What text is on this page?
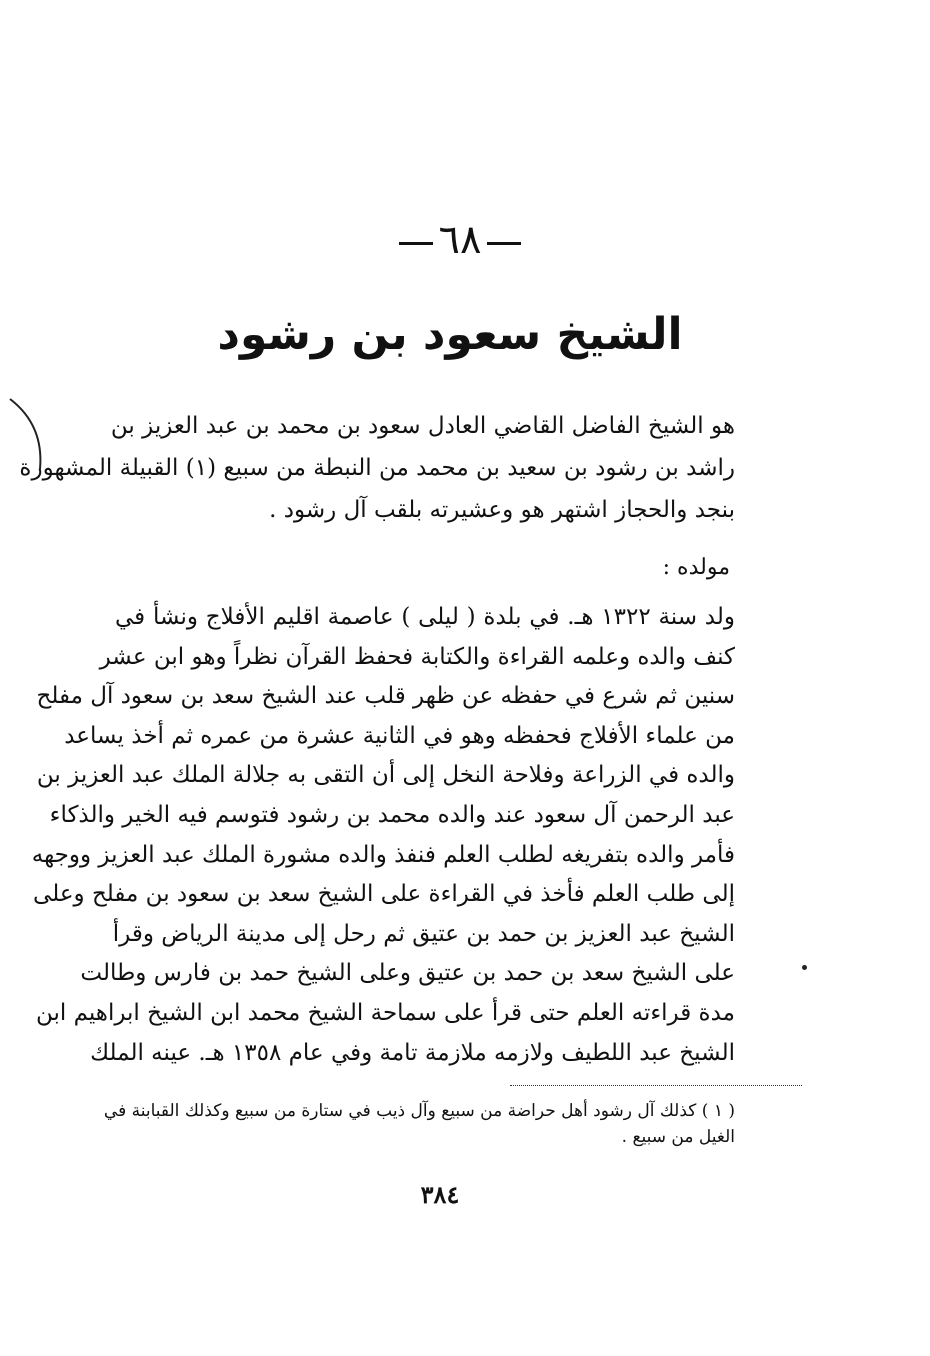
٦٨
الشيخ سعود بن رشود
هو الشيخ الفاضل القاضي العادل سعود بن محمد بن عبد العزيز بن
راشد بن رشود بن سعيد بن محمد من النبطة من سبيع (١) القبيلة المشهورة
بنجد والحجاز اشتهر هو وعشيرته بلقب آل رشود .
مولده :
ولد سنة ١٣٢٢ هـ. في بلدة ( ليلى ) عاصمة اقليم الأفلاج ونشأ في
كنف والده وعلمه القراءة والكتابة فحفظ القرآن نظراً وهو ابن عشر
سنين ثم شرع في حفظه عن ظهر قلب عند الشيخ سعد بن سعود آل مفلح
من علماء الأفلاج فحفظه وهو في الثانية عشرة من عمره ثم أخذ يساعد
والده في الزراعة وفلاحة النخل إلى أن التقى به جلالة الملك عبد العزيز بن
عبد الرحمن آل سعود عند والده محمد بن رشود فتوسم فيه الخير والذكاء
فأمر والده بتفريغه لطلب العلم فنفذ والده مشورة الملك عبد العزيز ووجهه
إلى طلب العلم فأخذ في القراءة على الشيخ سعد بن سعود بن مفلح وعلى
الشيخ عبد العزيز بن حمد بن عتيق ثم رحل إلى مدينة الرياض وقرأ
على الشيخ سعد بن حمد بن عتيق وعلى الشيخ حمد بن فارس وطالت
مدة قراءته العلم حتى قرأ على سماحة الشيخ محمد ابن الشيخ ابراهيم ابن
الشيخ عبد اللطيف ولازمه ملازمة تامة وفي عام ١٣٥٨ هـ. عينه الملك
( ١ ) كذلك آل رشود أهل حراضة من سبيع وآل ذيب في ستارة من سبيع وكذلك القبابنة في
الغيل من سبيع .
٣٨٤
